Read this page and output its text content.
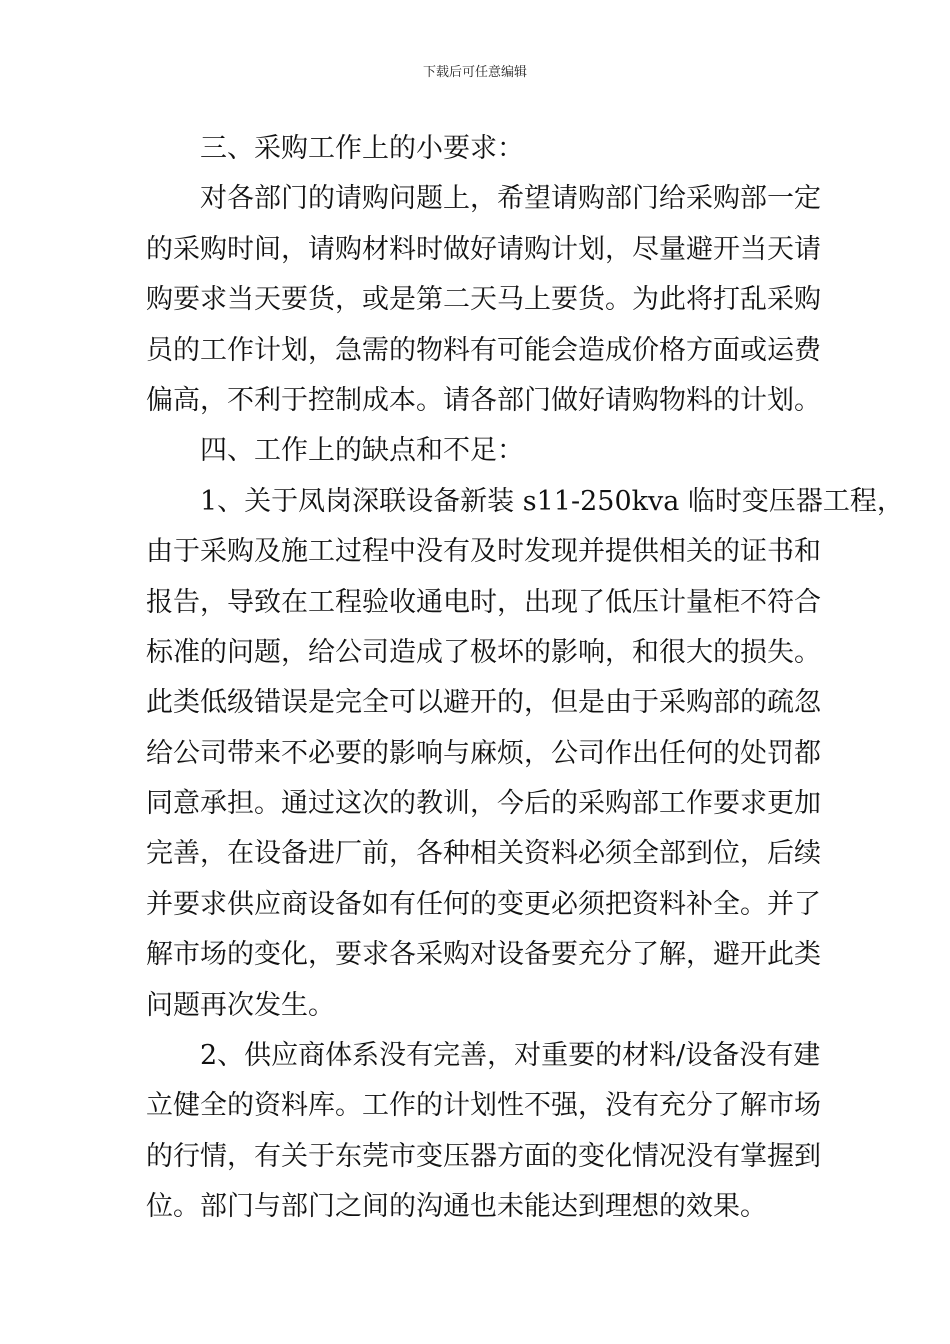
下载后可任意编辑
三、采购工作上的小要求：
对各部门的请购问题上，希望请购部门给采购部一定
的采购时间，请购材料时做好请购计划，尽量避开当天请
购要求当天要货，或是第二天马上要货。为此将打乱采购
员的工作计划，急需的物料有可能会造成价格方面或运费
偏高，不利于控制成本。请各部门做好请购物料的计划。
四、工作上的缺点和不足：
1、关于凤岗深联设备新装 s11-250kva 临时变压器工程，
由于采购及施工过程中没有及时发现并提供相关的证书和
报告，导致在工程验收通电时，出现了低压计量柜不符合
标准的问题，给公司造成了极坏的影响，和很大的损失。
此类低级错误是完全可以避开的，但是由于采购部的疏忽
给公司带来不必要的影响与麻烦，公司作出任何的处罚都
同意承担。通过这次的教训，今后的采购部工作要求更加
完善，在设备进厂前，各种相关资料必须全部到位，后续
并要求供应商设备如有任何的变更必须把资料补全。并了
解市场的变化，要求各采购对设备要充分了解，避开此类
问题再次发生。
2、供应商体系没有完善，对重要的材料/设备没有建
立健全的资料库。工作的计划性不强，没有充分了解市场
的行情，有关于东莞市变压器方面的变化情况没有掌握到
位。部门与部门之间的沟通也未能达到理想的效果。
